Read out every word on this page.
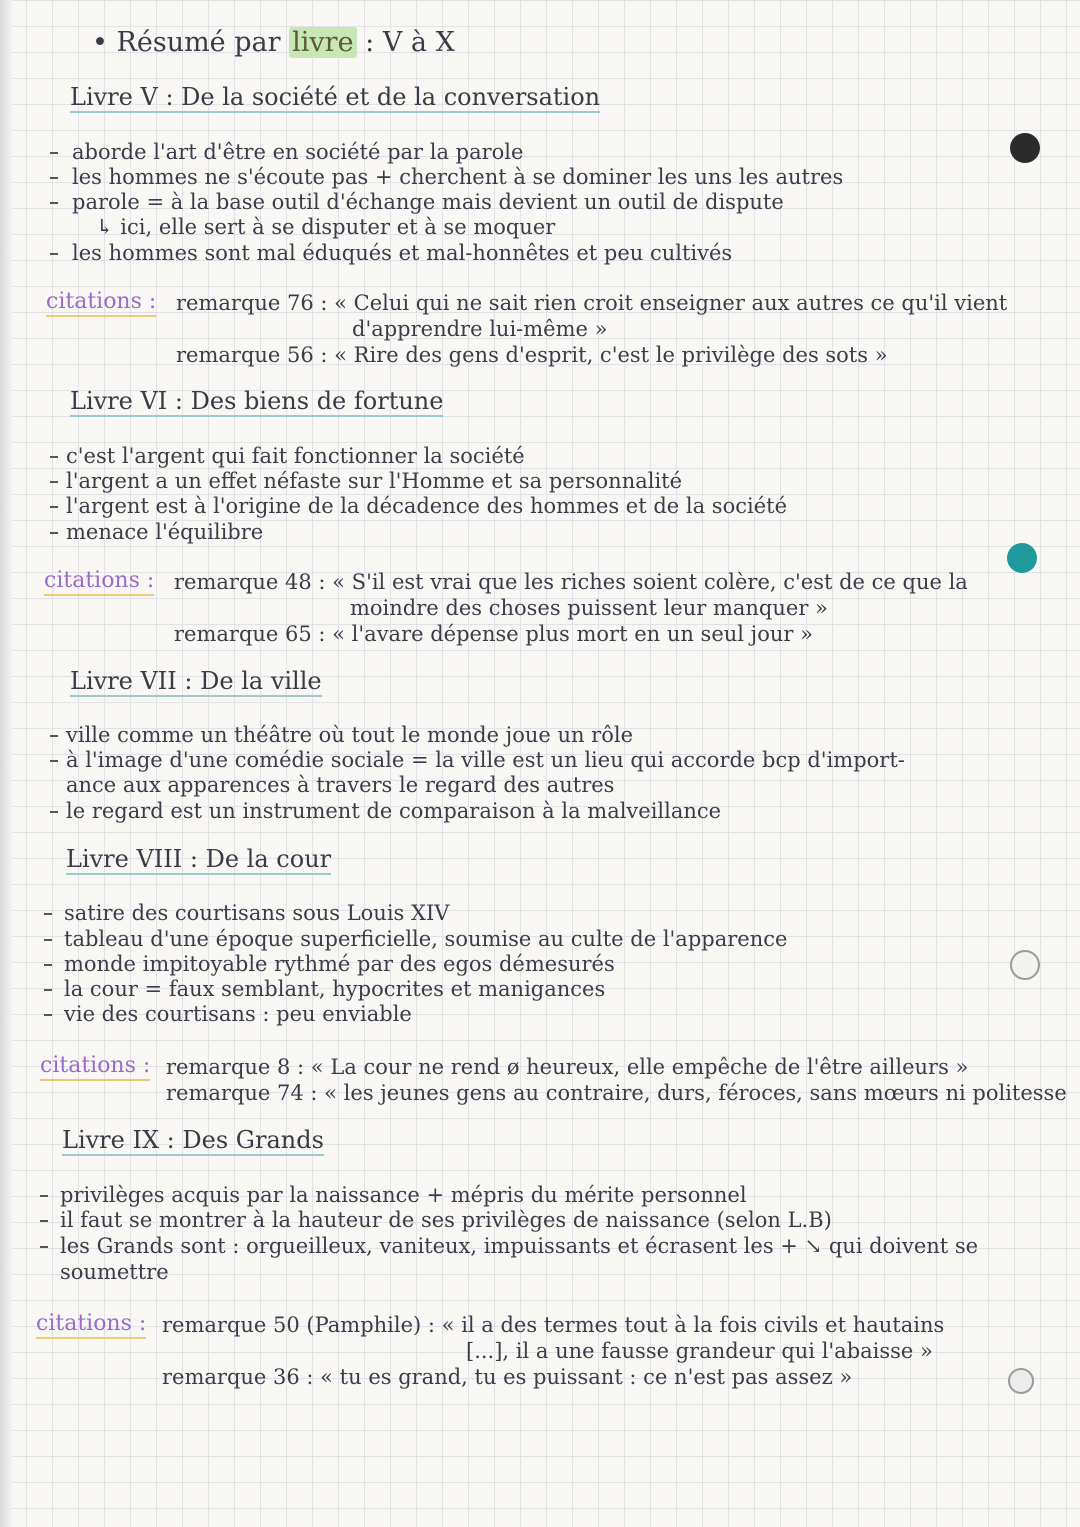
• Résumé par livre : V à X
Livre V : De la société et de la conversation
aborde l'art d'être en société par la parole
les hommes ne s'écoute pas + cherchent à se dominer les uns les autres
parole = à la base outil d'échange mais devient un outil de dispute
↳ ici, elle sert à se disputer et à se moquer
les hommes sont mal éduqués et mal-honnêtes et peu cultivés
citations : remarque 76 : « Celui qui ne sait rien croit enseigner aux autres ce qu'il vient
d'apprendre lui-même »
remarque 56 : « Rire des gens d'esprit, c'est le privilège des sots »
Livre VI : Des biens de fortune
c'est l'argent qui fait fonctionner la société
l'argent a un effet néfaste sur l'Homme et sa personnalité
l'argent est à l'origine de la décadence des hommes et de la société
menace l'équilibre
citations : remarque 48 : « S'il est vrai que les riches soient colère, c'est de ce que la
moindre des choses puissent leur manquer »
remarque 65 : « l'avare dépense plus mort en un seul jour »
Livre VII : De la ville
ville comme un théâtre où tout le monde joue un rôle
à l'image d'une comédie sociale = la ville est un lieu qui accorde bcp d'import-
ance aux apparences à travers le regard des autres
le regard est un instrument de comparaison à la malveillance
Livre VIII : De la cour
satire des courtisans sous Louis XIV
tableau d'une époque superficielle, soumise au culte de l'apparence
monde impitoyable rythmé par des egos démesurés
la cour = faux semblant, hypocrites et manigances
vie des courtisans : peu enviable
citations : remarque 8 : « La cour ne rend ø heureux, elle empêche de l'être ailleurs »
remarque 74 : « les jeunes gens au contraire, durs, féroces, sans mœurs ni politesse
Livre IX : Des Grands
privilèges acquis par la naissance + mépris du mérite personnel
il faut se montrer à la hauteur de ses privilèges de naissance (selon L.B)
les Grands sont : orgueilleux, vaniteux, impuissants et écrasent les + ↘ qui doivent se
soumettre
citations : remarque 50 (Pamphile) : « il a des termes tout à la fois civils et hautains
[...], il a une fausse grandeur qui l'abaisse »
remarque 36 : « tu es grand, tu es puissant : ce n'est pas assez »
